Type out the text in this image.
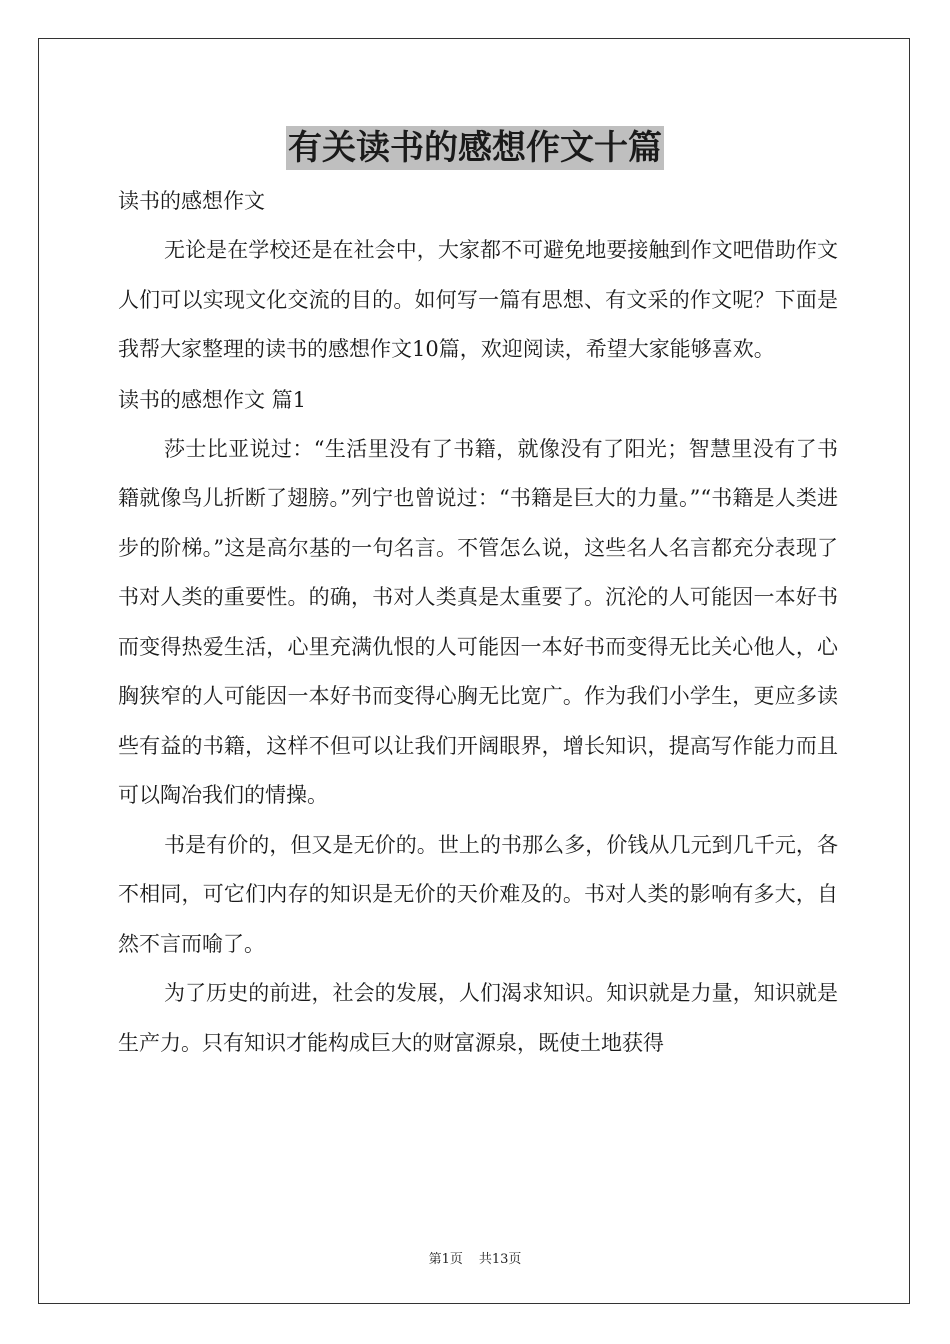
有关读书的感想作文十篇

读书的感想作文

无论是在学校还是在社会中，大家都不可避免地要接触到作文吧借助作文人们可以实现文化交流的目的。如何写一篇有思想、有文采的作文呢？下面是我帮大家整理的读书的感想作文10篇，欢迎阅读，希望大家能够喜欢。

读书的感想作文 篇1

莎士比亚说过：“生活里没有了书籍，就像没有了阳光；智慧里没有了书籍就像鸟儿折断了翅膀。”列宁也曾说过：“书籍是巨大的力量。”“书籍是人类进步的阶梯。”这是高尔基的一句名言。不管怎么说，这些名人名言都充分表现了书对人类的重要性。的确，书对人类真是太重要了。沉沦的人可能因一本好书而变得热爱生活，心里充满仇恨的人可能因一本好书而变得无比关心他人，心胸狭窄的人可能因一本好书而变得心胸无比宽广。作为我们小学生，更应多读些有益的书籍，这样不但可以让我们开阔眼界，增长知识，提高写作能力而且可以陶冶我们的情操。

书是有价的，但又是无价的。世上的书那么多，价钱从几元到几千元，各不相同，可它们内存的知识是无价的天价难及的。书对人类的影响有多大，自然不言而喻了。

为了历史的前进，社会的发展，人们渴求知识。知识就是力量，知识就是生产力。只有知识才能构成巨大的财富源泉，既使土地获得

第1页 共13页
